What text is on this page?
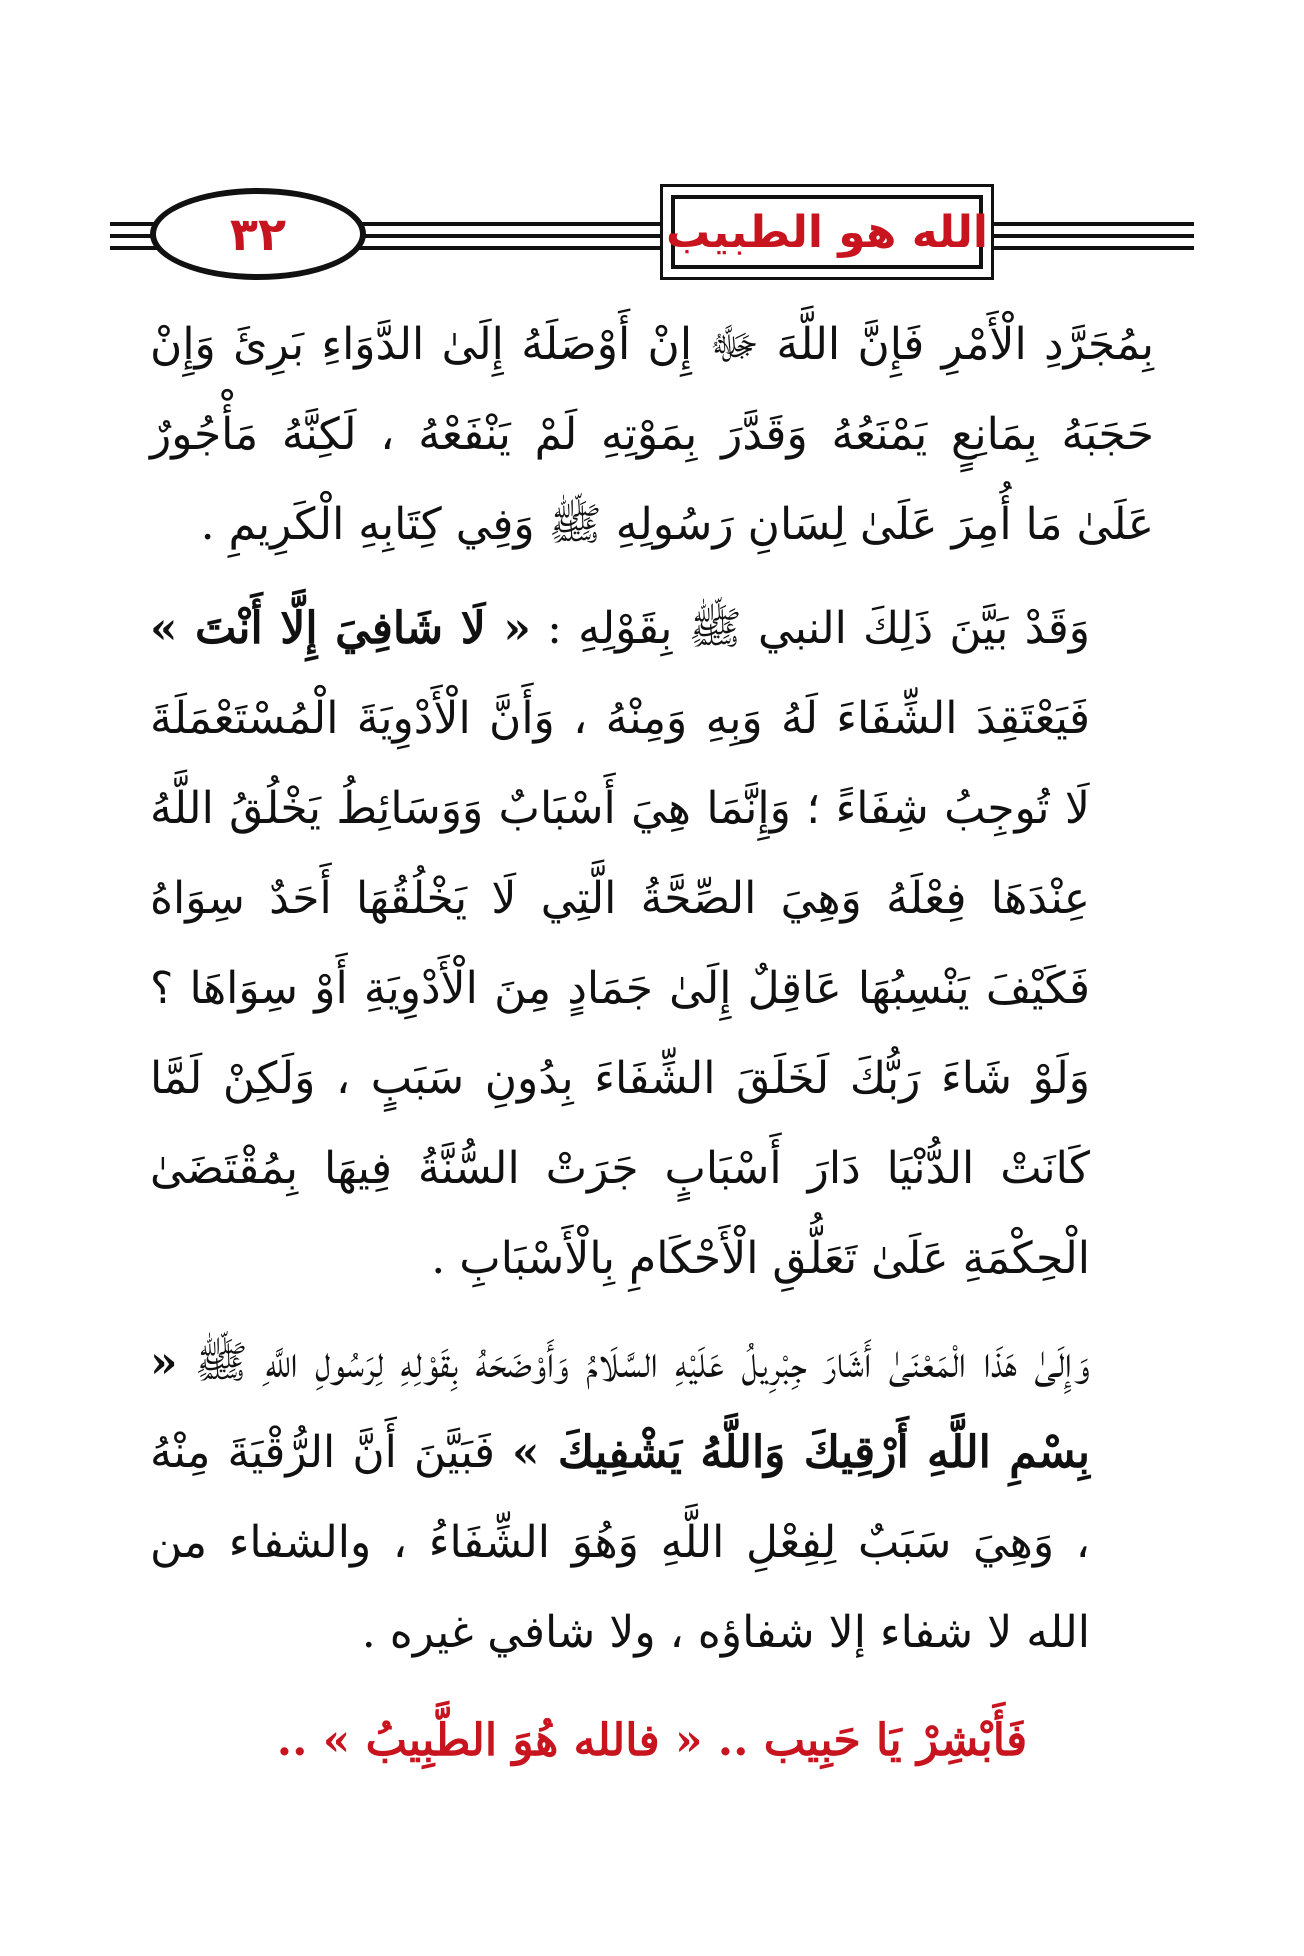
٣٢	الله هو الطبيب

بِمُجَرَّدِ الْأَمْرِ فَإِنَّ اللَّهَ ﷻ إِنْ أَوْصَلَهُ إِلَىٰ الدَّوَاءِ بَرِئَ وَإِنْ حَجَبَهُ بِمَانِعٍ يَمْنَعُهُ وَقَدَّرَ بِمَوْتِهِ لَمْ يَنْفَعْهُ ، لَكِنَّهُ مَأْجُورٌ عَلَىٰ مَا أُمِرَ عَلَىٰ لِسَانِ رَسُولِهِ ﷺ وَفِي كِتَابِهِ الْكَرِيمِ .

وَقَدْ بَيَّنَ ذَلِكَ النبي ﷺ بِقَوْلِهِ : « لَا شَافِيَ إِلَّا أَنْتَ » فَيَعْتَقِدَ الشِّفَاءَ لَهُ وَبِهِ وَمِنْهُ ، وَأَنَّ الْأَدْوِيَةَ الْمُسْتَعْمَلَةَ لَا تُوجِبُ شِفَاءً ؛ وَإِنَّمَا هِيَ أَسْبَابٌ وَوَسَائِطُ يَخْلُقُ اللَّهُ عِنْدَهَا فِعْلَهُ وَهِيَ الصِّحَّةُ الَّتِي لَا يَخْلُقُهَا أَحَدٌ سِوَاهُ فَكَيْفَ يَنْسِبُهَا عَاقِلٌ إِلَىٰ جَمَادٍ مِنَ الْأَدْوِيَةِ أَوْ سِوَاهَا ؟ وَلَوْ شَاءَ رَبُّكَ لَخَلَقَ الشِّفَاءَ بِدُونِ سَبَبٍ ، وَلَكِنْ لَمَّا كَانَتْ الدُّنْيَا دَارَ أَسْبَابٍ جَرَتْ السُّنَّةُ فِيهَا بِمُقْتَضَىٰ الْحِكْمَةِ عَلَىٰ تَعَلُّقِ الْأَحْكَامِ بِالْأَسْبَابِ .

وَإِلَىٰ هَذَا الْمَعْنَىٰ أَشَارَ جِبْرِيلُ عَلَيْهِ السَّلَامُ وَأَوْضَحَهُ بِقَوْلِهِ لِرَسُولِ اللَّهِ ﷺ « بِسْمِ اللَّهِ أَرْقِيكَ وَاللَّهُ يَشْفِيكَ » فَبَيَّنَ أَنَّ الرُّقْيَةَ مِنْهُ ، وَهِيَ سَبَبٌ لِفِعْلِ اللَّهِ وَهُوَ الشِّفَاءُ ، والشفاء من الله لا شفاء إلا شفاؤه ، ولا شافي غيره .

فَأَبْشِرْ يَا حَبِيب .. « فالله هُوَ الطَّبِيبُ » ..
